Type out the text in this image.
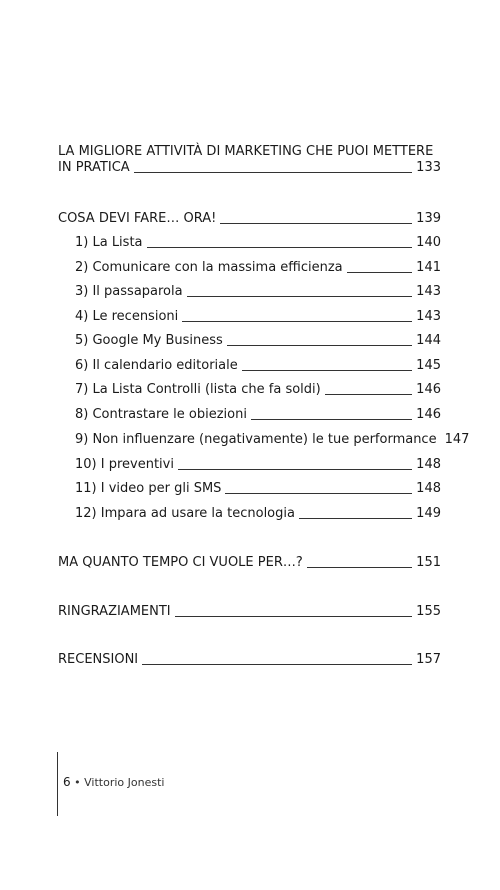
LA MIGLIORE ATTIVITÀ DI MARKETING CHE PUOI METTERE
IN PRATICA	133
COSA DEVI FARE… ORA!	139
1) La Lista	140
2) Comunicare con la massima efficienza	141
3) Il passaparola	143
4) Le recensioni	143
5) Google My Business	144
6) Il calendario editoriale	145
7) La Lista Controlli (lista che fa soldi)	146
8) Contrastare le obiezioni	146
9) Non influenzare (negativamente) le tue performance 147
10) I preventivi	148
11) I video per gli SMS	148
12) Impara ad usare la tecnologia	149
MA QUANTO TEMPO CI VUOLE PER…?	151
RINGRAZIAMENTI	155
RECENSIONI	157
6 • Vittorio Jonesti
